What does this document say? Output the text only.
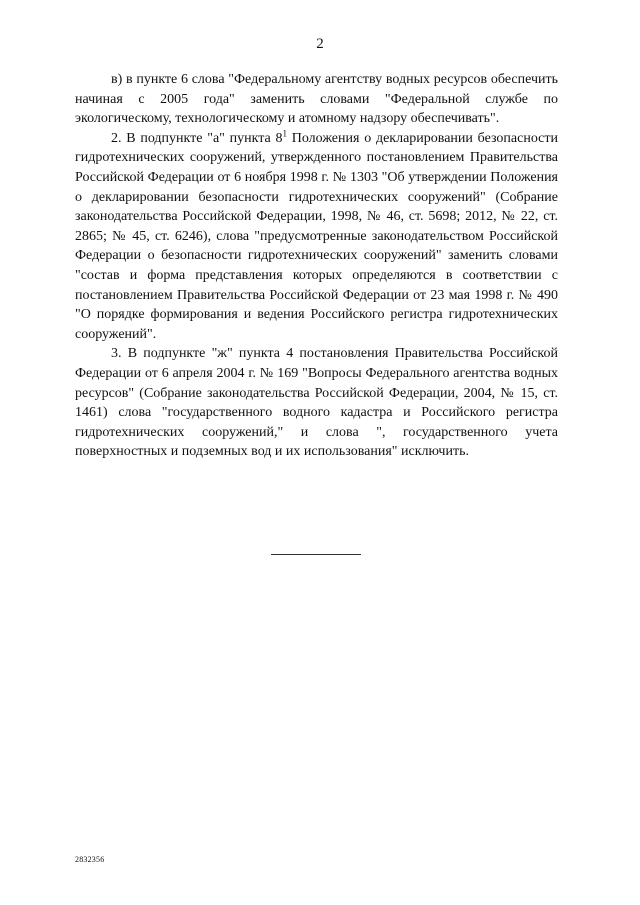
2

в) в пункте 6 слова "Федеральному агентству водных ресурсов обеспечить начиная с 2005 года" заменить словами "Федеральной службе по экологическому, технологическому и атомному надзору обеспечивать".

2. В подпункте "а" пункта $8^1$ Положения о декларировании безопасности гидротехнических сооружений, утвержденного постановлением Правительства Российской Федерации от 6 ноября 1998 г. № 1303 "Об утверждении Положения о декларировании безопасности гидротехнических сооружений" (Собрание законодательства Российской Федерации, 1998, № 46, ст. 5698; 2012, № 22, ст. 2865; № 45, ст. 6246), слова "предусмотренные законодательством Российской Федерации о безопасности гидротехнических сооружений" заменить словами "состав и форма представления которых определяются в соответствии с постановлением Правительства Российской Федерации от 23 мая 1998 г. № 490 "О порядке формирования и ведения Российского регистра гидротехнических сооружений".

3. В подпункте "ж" пункта 4 постановления Правительства Российской Федерации от 6 апреля 2004 г. № 169 "Вопросы Федерального агентства водных ресурсов" (Собрание законодательства Российской Федерации, 2004, № 15, ст. 1461) слова "государственного водного кадастра и Российского регистра гидротехнических сооружений," и слова ", государственного учета поверхностных и подземных вод и их использования" исключить.

2832356
